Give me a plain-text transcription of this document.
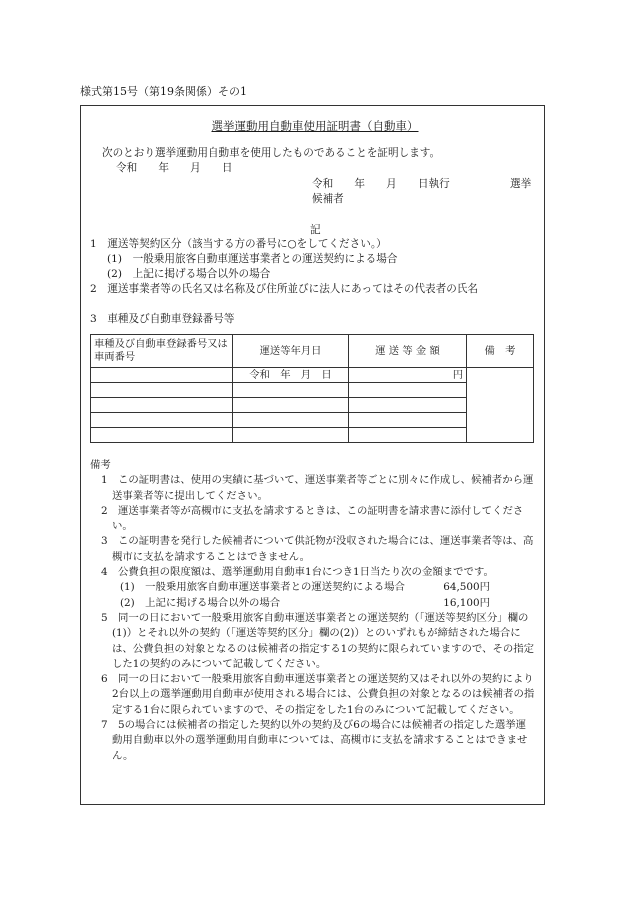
様式第15号（第19条関係）その1
選挙運動用自動車使用証明書（自動車）
次のとおり選挙運動用自動車を使用したものであることを証明します。
令和　　年　　月　　日
令和　　年　　月　　日執行	選挙
候補者
記
1　運送等契約区分（該当する方の番号に○をしてください。）
(1)　一般乗用旅客自動車運送事業者との運送契約による場合
(2)　上記に掲げる場合以外の場合
2　運送事業者等の氏名又は名称及び住所並びに法人にあってはその代表者の氏名
3　車種及び自動車登録番号等
車種及び自動車登録番号又は車両番号	運送等年月日	運 送 等 金 額	備　考
	令和　年　月　日	円	

備考
1　この証明書は、使用の実績に基づいて、運送事業者等ごとに別々に作成し、候補者から運送事業者等に提出してください。
2　運送事業者等が高槻市に支払を請求するときは、この証明書を請求書に添付してください。
3　この証明書を発行した候補者について供託物が没収された場合には、運送事業者等は、高槻市に支払を請求することはできません。
4　公費負担の限度額は、選挙運動用自動車1台につき1日当たり次の金額までです。
(1)　一般乗用旅客自動車運送事業者との運送契約による場合	64,500円
(2)　上記に掲げる場合以外の場合	16,100円
5　同一の日において一般乗用旅客自動車運送事業者との運送契約（「運送等契約区分」欄の(1)）とそれ以外の契約（「運送等契約区分」欄の(2)）とのいずれもが締結された場合には、公費負担の対象となるのは候補者の指定する1の契約に限られていますので、その指定した1の契約のみについて記載してください。
6　同一の日において一般乗用旅客自動車運送事業者との運送契約又はそれ以外の契約により2台以上の選挙運動用自動車が使用される場合には、公費負担の対象となるのは候補者の指定する1台に限られていますので、その指定をした1台のみについて記載してください。
7　5の場合には候補者の指定した契約以外の契約及び6の場合には候補者の指定した選挙運動用自動車以外の選挙運動用自動車については、高槻市に支払を請求することはできません。
